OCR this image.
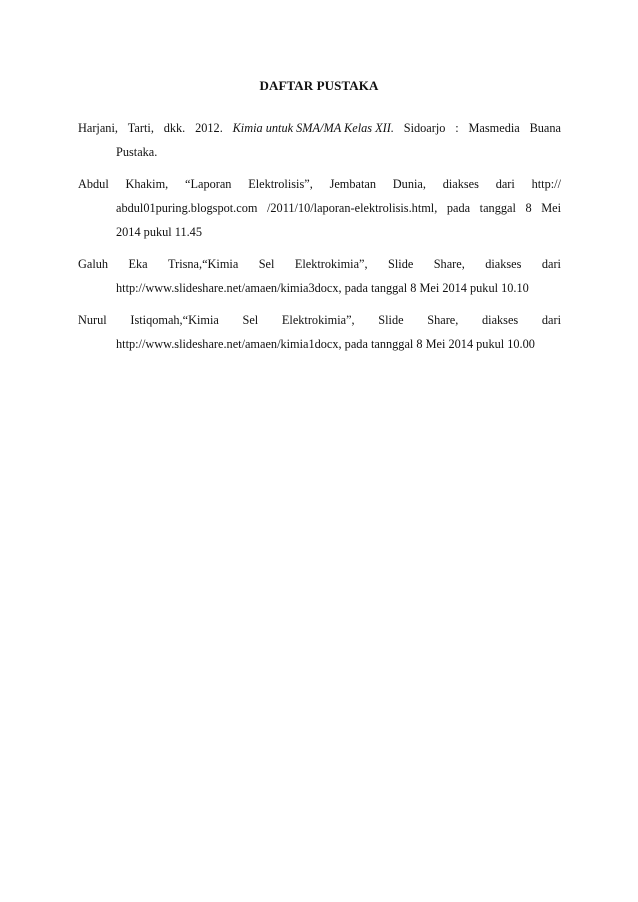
DAFTAR PUSTAKA
Harjani, Tarti, dkk. 2012. Kimia untuk SMA/MA Kelas XII. Sidoarjo : Masmedia Buana
Pustaka.
Abdul Khakim, “Laporan Elektrolisis”, Jembatan Dunia, diakses dari http://
abdul01puring.blogspot.com /2011/10/laporan-elektrolisis.html, pada tanggal 8 Mei
2014 pukul 11.45
Galuh Eka Trisna,“Kimia Sel Elektrokimia”, Slide Share, diakses dari
http://www.slideshare.net/amaen/kimia3docx, pada tanggal 8 Mei 2014 pukul 10.10
Nurul Istiqomah,“Kimia Sel Elektrokimia”, Slide Share, diakses dari
http://www.slideshare.net/amaen/kimia1docx, pada tannggal 8 Mei 2014 pukul 10.00
